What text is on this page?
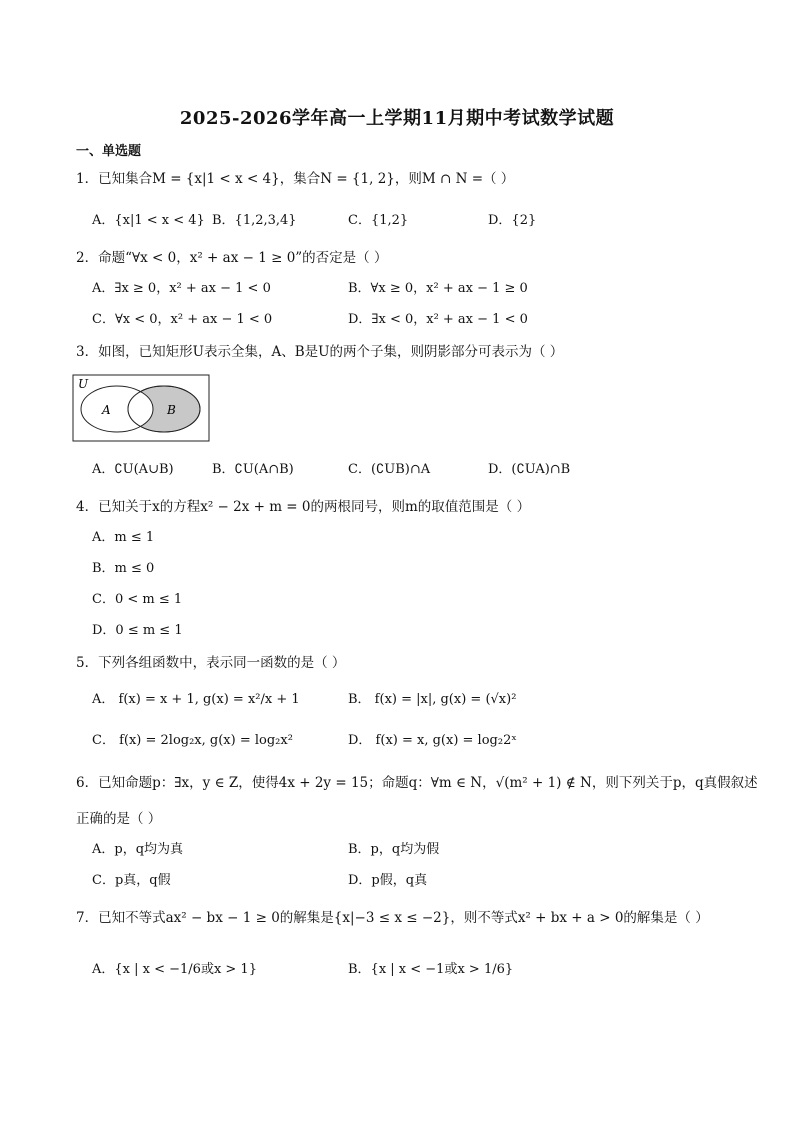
2025-2026学年高一上学期11月期中考试数学试题
一、单选题
1．已知集合M = {x|1 < x < 4}，集合N = {1, 2}，则M ∩ N =（ ）
A．{x|1 < x < 4} B．{1,2,3,4}	C．{1,2}	D．{2}
2．命题“∀x < 0，x² + ax − 1 ≥ 0”的否定是（ ）
A．∃x ≥ 0，x² + ax − 1 < 0	B．∀x ≥ 0，x² + ax − 1 ≥ 0
C．∀x < 0，x² + ax − 1 < 0	D．∃x < 0，x² + ax − 1 < 0
3．如图，已知矩形U表示全集，A、B是U的两个子集，则阴影部分可表示为（ ）
U
A	B
A．∁U(A∪B)	B．∁U(A∩B)	C．(∁UB)∩A	D．(∁UA)∩B
4．已知关于x的方程x² − 2x + m = 0的两根同号，则m的取值范围是（ ）
A．m ≤ 1
B．m ≤ 0
C．0 < m ≤ 1
D．0 ≤ m ≤ 1
5．下列各组函数中，表示同一函数的是（ ）
A． f(x) = x + 1, g(x) = x²/x + 1	B． f(x) = |x|, g(x) = (√x)²
C． f(x) = 2log₂x, g(x) = log₂x²	D． f(x) = x, g(x) = log₂2ˣ
6．已知命题p：∃x，y ∈ Z，使得4x + 2y = 15；命题q：∀m ∈ N，√(m² + 1) ∉ N，则下列关于p，q真假叙述
正确的是（ ）
A．p，q均为真	B．p，q均为假
C．p真，q假	D．p假，q真
7．已知不等式ax² − bx − 1 ≥ 0的解集是{x|−3 ≤ x ≤ −2}，则不等式x² + bx + a > 0的解集是（ ）
A．{x | x < −1/6或x > 1}	B．{x | x < −1或x > 1/6}
